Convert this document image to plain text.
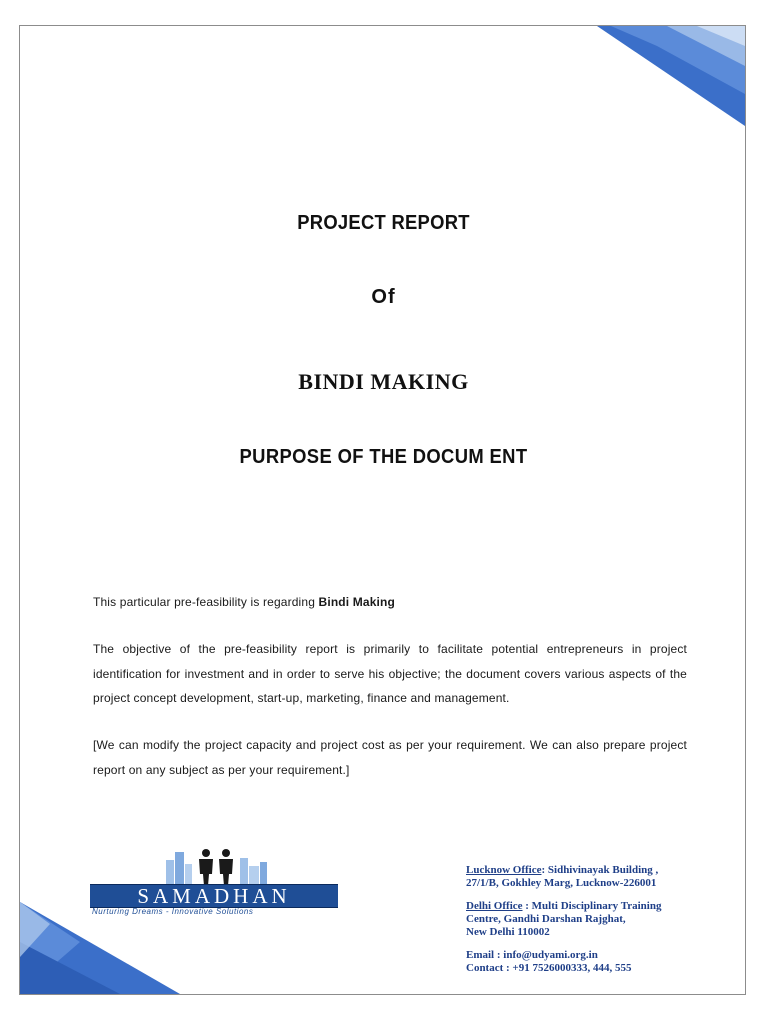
PROJECT REPORT
Of
BINDI MAKING
PURPOSE OF THE DOCUM ENT

This particular pre-feasibility is regarding Bindi Making

The objective of the pre-feasibility report is primarily to facilitate potential entrepreneurs in project identification for investment and in order to serve his objective; the document covers various aspects of the project concept development, start-up, marketing, finance and management.

[We can modify the project capacity and project cost as per your requirement. We can also prepare project report on any subject as per your requirement.]

SAMADHAN
Nurturing Dreams - Innovative Solutions
Lucknow Office: Sidhivinayak Building ,
27/1/B, Gokhley Marg, Lucknow-226001
Delhi Office : Multi Disciplinary Training
Centre, Gandhi Darshan Rajghat,
New Delhi 110002
Email : info@udyami.org.in
Contact : +91 7526000333, 444, 555
